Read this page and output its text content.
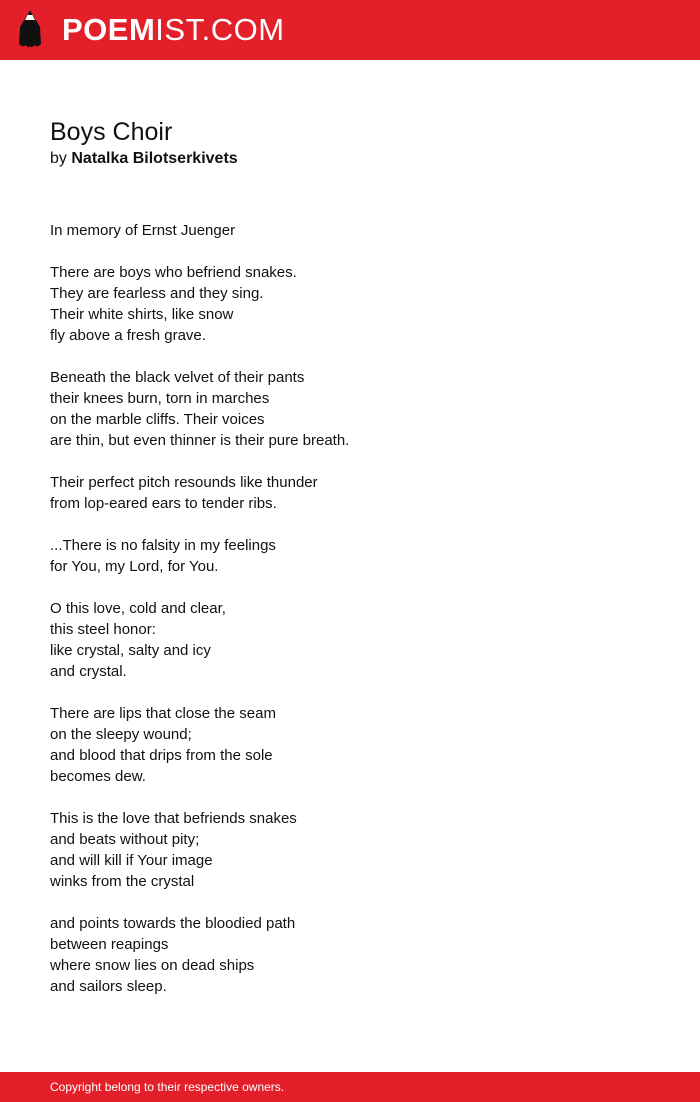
POEMIST.COM
Boys Choir
by Natalka Bilotserkivets
In memory of Ernst Juenger
There are boys who befriend snakes.
They are fearless and they sing.
Their white shirts, like snow
fly above a fresh grave.
Beneath the black velvet of their pants
their knees burn, torn in marches
on the marble cliffs. Their voices
are thin, but even thinner is their pure breath.
Their perfect pitch resounds like thunder
from lop-eared ears to tender ribs.
...There is no falsity in my feelings
for You, my Lord, for You.
O this love, cold and clear,
this steel honor:
like crystal, salty and icy
and crystal.
There are lips that close the seam
on the sleepy wound;
and blood that drips from the sole
becomes dew.
This is the love that befriends snakes
and beats without pity;
and will kill if Your image
winks from the crystal
and points towards the bloodied path
between reapings
where snow lies on dead ships
and sailors sleep.
Copyright belong to their respective owners.
